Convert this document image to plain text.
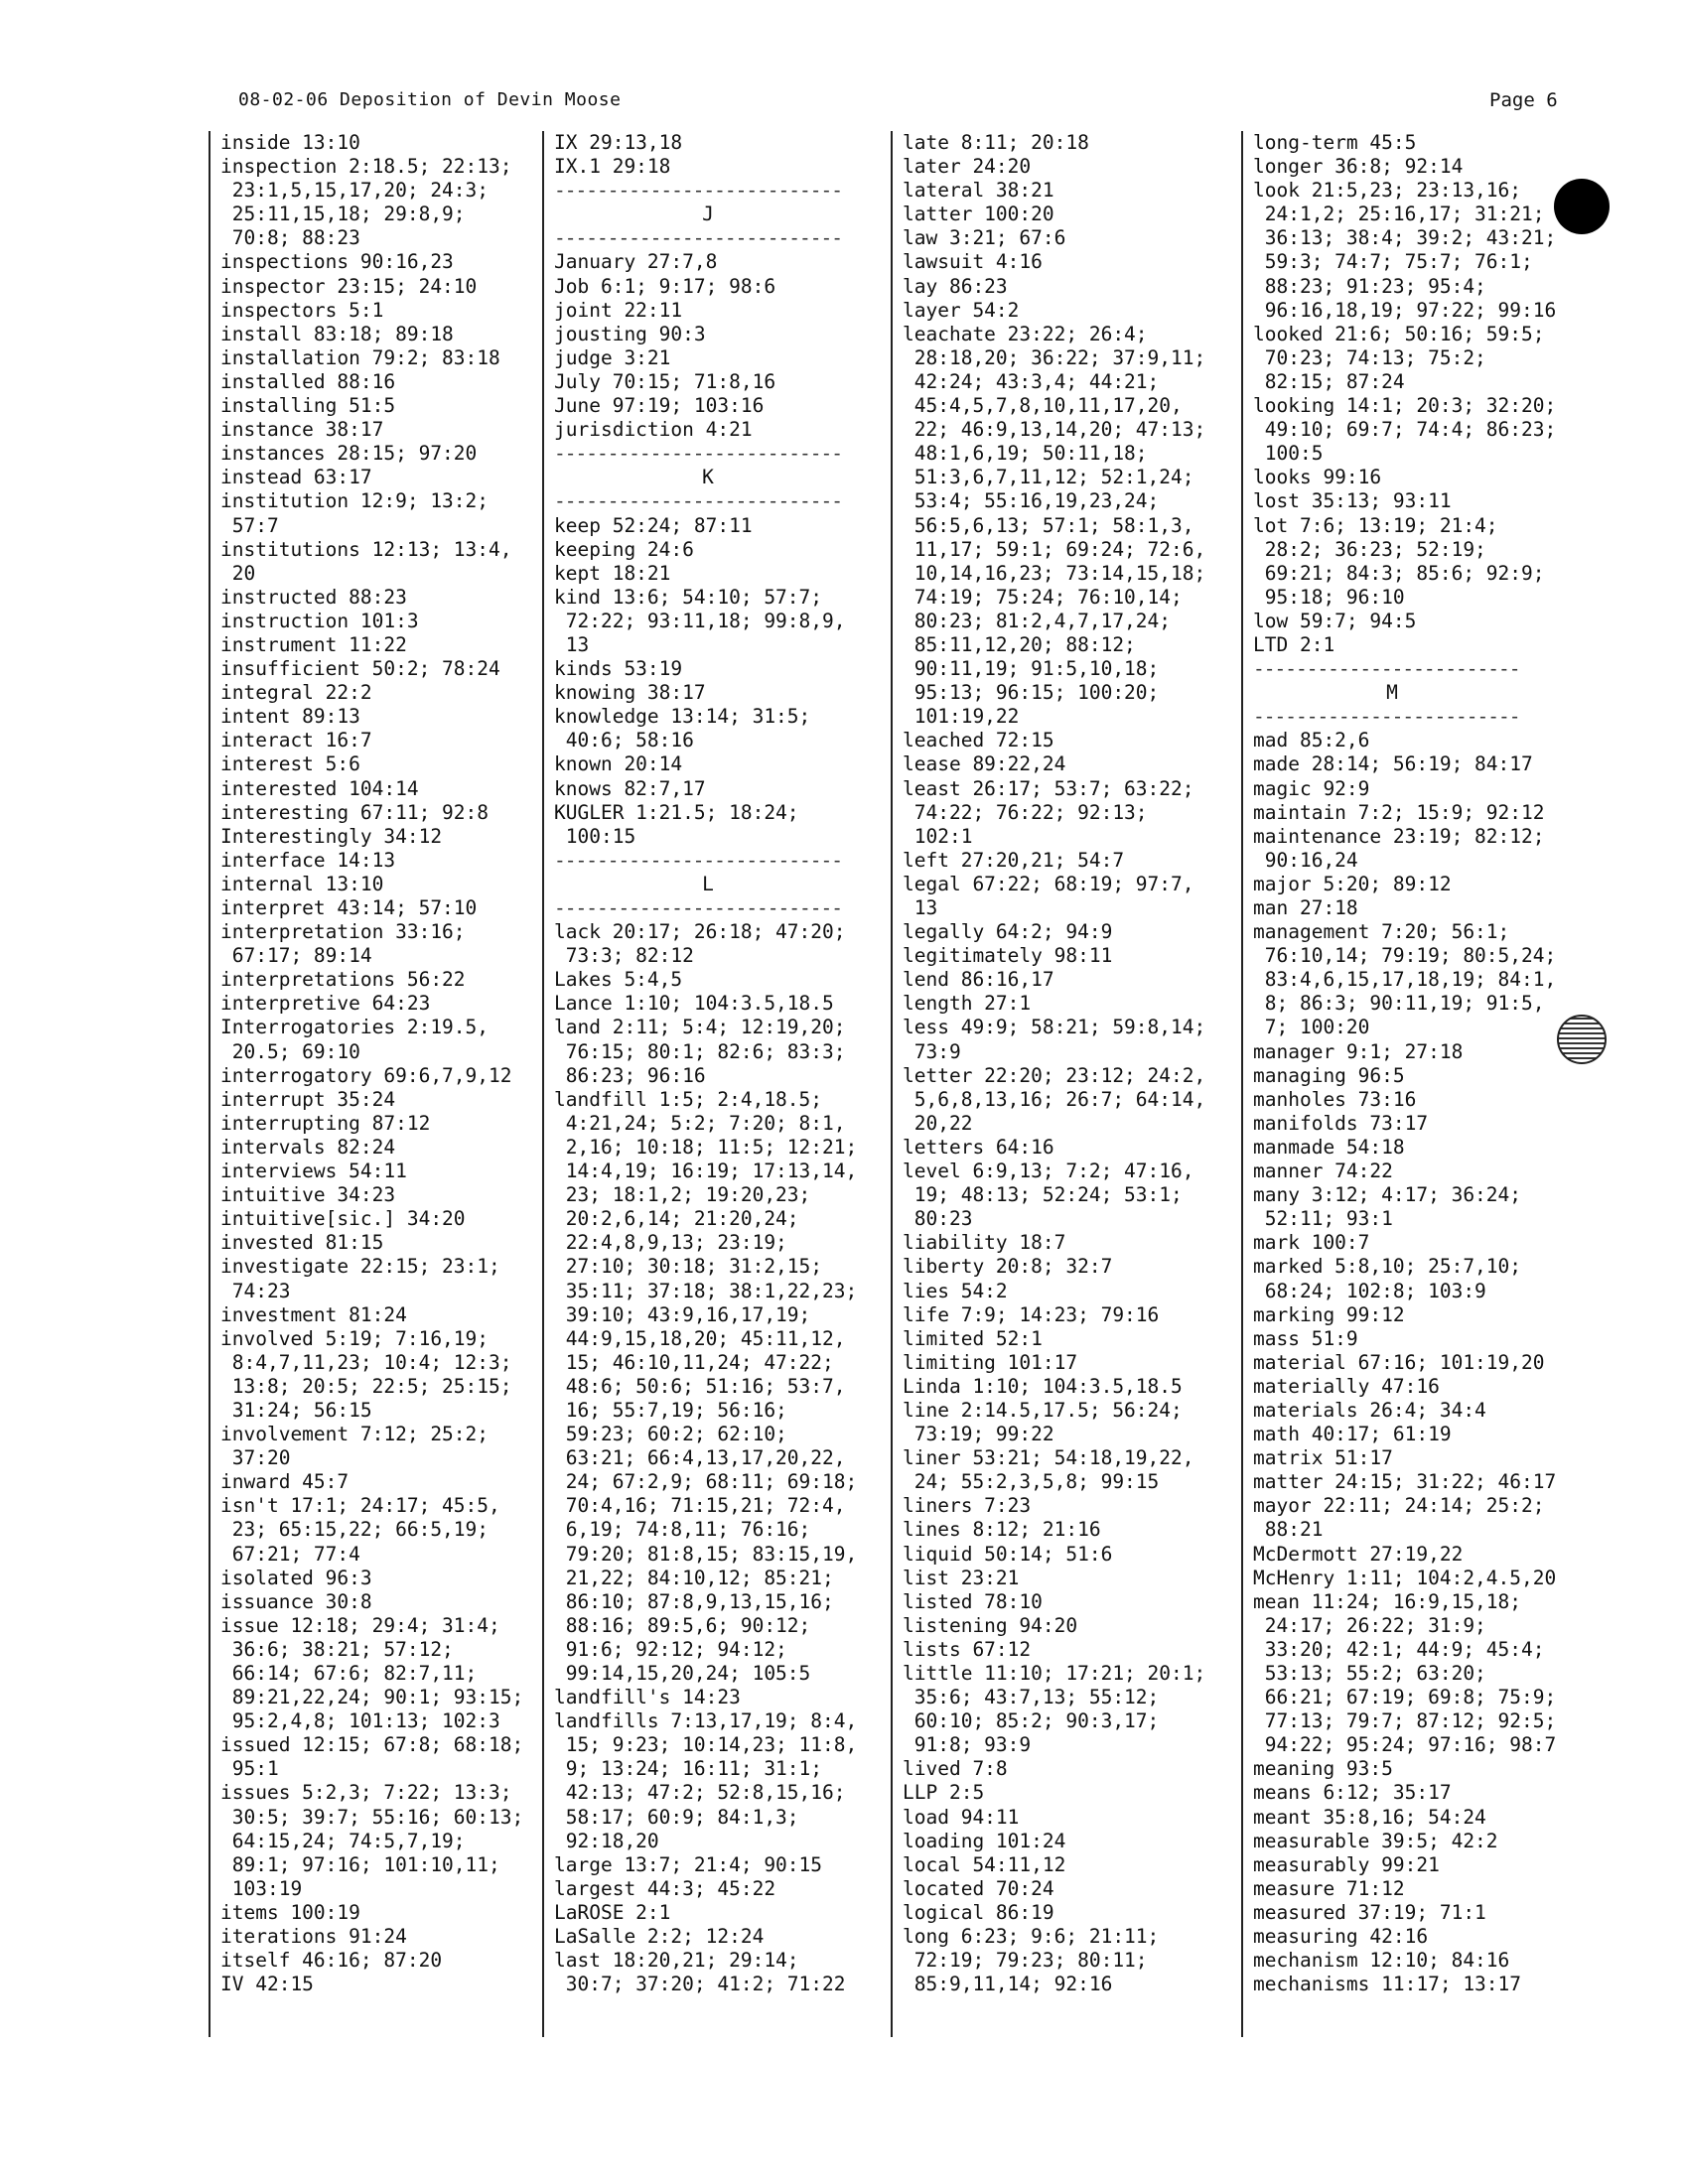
08-02-06 Deposition of Devin Moose	Page 6
inside 13:10
inspection 2:18.5; 22:13;
23:1,5,15,17,20; 24:3;
25:11,15,18; 29:8,9;
70:8; 88:23
inspections 90:16,23
inspector 23:15; 24:10
inspectors 5:1
install 83:18; 89:18
installation 79:2; 83:18
installed 88:16
installing 51:5
instance 38:17
instances 28:15; 97:20
instead 63:17
institution 12:9; 13:2;
57:7
institutions 12:13; 13:4,
20
instructed 88:23
instruction 101:3
instrument 11:22
insufficient 50:2; 78:24
integral 22:2
intent 89:13
interact 16:7
interest 5:6
interested 104:14
interesting 67:11; 92:8
Interestingly 34:12
interface 14:13
internal 13:10
interpret 43:14; 57:10
interpretation 33:16;
67:17; 89:14
interpretations 56:22
interpretive 64:23
Interrogatories 2:19.5,
20.5; 69:10
interrogatory 69:6,7,9,12
interrupt 35:24
interrupting 87:12
intervals 82:24
interviews 54:11
intuitive 34:23
intuitive[sic.] 34:20
invested 81:15
investigate 22:15; 23:1;
74:23
investment 81:24
involved 5:19; 7:16,19;
8:4,7,11,23; 10:4; 12:3;
13:8; 20:5; 22:5; 25:15;
31:24; 56:15
involvement 7:12; 25:2;
37:20
inward 45:7
isn't 17:1; 24:17; 45:5,
23; 65:15,22; 66:5,19;
67:21; 77:4
isolated 96:3
issuance 30:8
issue 12:18; 29:4; 31:4;
36:6; 38:21; 57:12;
66:14; 67:6; 82:7,11;
89:21,22,24; 90:1; 93:15;
95:2,4,8; 101:13; 102:3
issued 12:15; 67:8; 68:18;
95:1
issues 5:2,3; 7:22; 13:3;
30:5; 39:7; 55:16; 60:13;
64:15,24; 74:5,7,19;
89:1; 97:16; 101:10,11;
103:19
items 100:19
iterations 91:24
itself 46:16; 87:20
IV 42:15
IX 29:13,18
IX.1 29:18
---------------------------
J
---------------------------
January 27:7,8
Job 6:1; 9:17; 98:6
joint 22:11
jousting 90:3
judge 3:21
July 70:15; 71:8,16
June 97:19; 103:16
jurisdiction 4:21
---------------------------
K
---------------------------
keep 52:24; 87:11
keeping 24:6
kept 18:21
kind 13:6; 54:10; 57:7;
72:22; 93:11,18; 99:8,9,
13
kinds 53:19
knowing 38:17
knowledge 13:14; 31:5;
40:6; 58:16
known 20:14
knows 82:7,17
KUGLER 1:21.5; 18:24;
100:15
---------------------------
L
---------------------------
lack 20:17; 26:18; 47:20;
73:3; 82:12
Lakes 5:4,5
Lance 1:10; 104:3.5,18.5
land 2:11; 5:4; 12:19,20;
76:15; 80:1; 82:6; 83:3;
86:23; 96:16
landfill 1:5; 2:4,18.5;
4:21,24; 5:2; 7:20; 8:1,
2,16; 10:18; 11:5; 12:21;
14:4,19; 16:19; 17:13,14,
23; 18:1,2; 19:20,23;
20:2,6,14; 21:20,24;
22:4,8,9,13; 23:19;
27:10; 30:18; 31:2,15;
35:11; 37:18; 38:1,22,23;
39:10; 43:9,16,17,19;
44:9,15,18,20; 45:11,12,
15; 46:10,11,24; 47:22;
48:6; 50:6; 51:16; 53:7,
16; 55:7,19; 56:16;
59:23; 60:2; 62:10;
63:21; 66:4,13,17,20,22,
24; 67:2,9; 68:11; 69:18;
70:4,16; 71:15,21; 72:4,
6,19; 74:8,11; 76:16;
79:20; 81:8,15; 83:15,19,
21,22; 84:10,12; 85:21;
86:10; 87:8,9,13,15,16;
88:16; 89:5,6; 90:12;
91:6; 92:12; 94:12;
99:14,15,20,24; 105:5
landfill's 14:23
landfills 7:13,17,19; 8:4,
15; 9:23; 10:14,23; 11:8,
9; 13:24; 16:11; 31:1;
42:13; 47:2; 52:8,15,16;
58:17; 60:9; 84:1,3;
92:18,20
large 13:7; 21:4; 90:15
largest 44:3; 45:22
LaROSE 2:1
LaSalle 2:2; 12:24
last 18:20,21; 29:14;
30:7; 37:20; 41:2; 71:22
late 8:11; 20:18
later 24:20
lateral 38:21
latter 100:20
law 3:21; 67:6
lawsuit 4:16
lay 86:23
layer 54:2
leachate 23:22; 26:4;
28:18,20; 36:22; 37:9,11;
42:24; 43:3,4; 44:21;
45:4,5,7,8,10,11,17,20,
22; 46:9,13,14,20; 47:13;
48:1,6,19; 50:11,18;
51:3,6,7,11,12; 52:1,24;
53:4; 55:16,19,23,24;
56:5,6,13; 57:1; 58:1,3,
11,17; 59:1; 69:24; 72:6,
10,14,16,23; 73:14,15,18;
74:19; 75:24; 76:10,14;
80:23; 81:2,4,7,17,24;
85:11,12,20; 88:12;
90:11,19; 91:5,10,18;
95:13; 96:15; 100:20;
101:19,22
leached 72:15
lease 89:22,24
least 26:17; 53:7; 63:22;
74:22; 76:22; 92:13;
102:1
left 27:20,21; 54:7
legal 67:22; 68:19; 97:7,
13
legally 64:2; 94:9
legitimately 98:11
lend 86:16,17
length 27:1
less 49:9; 58:21; 59:8,14;
73:9
letter 22:20; 23:12; 24:2,
5,6,8,13,16; 26:7; 64:14,
20,22
letters 64:16
level 6:9,13; 7:2; 47:16,
19; 48:13; 52:24; 53:1;
80:23
liability 18:7
liberty 20:8; 32:7
lies 54:2
life 7:9; 14:23; 79:16
limited 52:1
limiting 101:17
Linda 1:10; 104:3.5,18.5
line 2:14.5,17.5; 56:24;
73:19; 99:22
liner 53:21; 54:18,19,22,
24; 55:2,3,5,8; 99:15
liners 7:23
lines 8:12; 21:16
liquid 50:14; 51:6
list 23:21
listed 78:10
listening 94:20
lists 67:12
little 11:10; 17:21; 20:1;
35:6; 43:7,13; 55:12;
60:10; 85:2; 90:3,17;
91:8; 93:9
lived 7:8
LLP 2:5
load 94:11
loading 101:24
local 54:11,12
located 70:24
logical 86:19
long 6:23; 9:6; 21:11;
72:19; 79:23; 80:11;
85:9,11,14; 92:16
long-term 45:5
longer 36:8; 92:14
look 21:5,23; 23:13,16;
24:1,2; 25:16,17; 31:21;
36:13; 38:4; 39:2; 43:21;
59:3; 74:7; 75:7; 76:1;
88:23; 91:23; 95:4;
96:16,18,19; 97:22; 99:16
looked 21:6; 50:16; 59:5;
70:23; 74:13; 75:2;
82:15; 87:24
looking 14:1; 20:3; 32:20;
49:10; 69:7; 74:4; 86:23;
100:5
looks 99:16
lost 35:13; 93:11
lot 7:6; 13:19; 21:4;
28:2; 36:23; 52:19;
69:21; 84:3; 85:6; 92:9;
95:18; 96:10
low 59:7; 94:5
LTD 2:1
-------------------------
M
-------------------------
mad 85:2,6
made 28:14; 56:19; 84:17
magic 92:9
maintain 7:2; 15:9; 92:12
maintenance 23:19; 82:12;
90:16,24
major 5:20; 89:12
man 27:18
management 7:20; 56:1;
76:10,14; 79:19; 80:5,24;
83:4,6,15,17,18,19; 84:1,
8; 86:3; 90:11,19; 91:5,
7; 100:20
manager 9:1; 27:18
managing 96:5
manholes 73:16
manifolds 73:17
manmade 54:18
manner 74:22
many 3:12; 4:17; 36:24;
52:11; 93:1
mark 100:7
marked 5:8,10; 25:7,10;
68:24; 102:8; 103:9
marking 99:12
mass 51:9
material 67:16; 101:19,20
materially 47:16
materials 26:4; 34:4
math 40:17; 61:19
matrix 51:17
matter 24:15; 31:22; 46:17
mayor 22:11; 24:14; 25:2;
88:21
McDermott 27:19,22
McHenry 1:11; 104:2,4.5,20
mean 11:24; 16:9,15,18;
24:17; 26:22; 31:9;
33:20; 42:1; 44:9; 45:4;
53:13; 55:2; 63:20;
66:21; 67:19; 69:8; 75:9;
77:13; 79:7; 87:12; 92:5;
94:22; 95:24; 97:16; 98:7
meaning 93:5
means 6:12; 35:17
meant 35:8,16; 54:24
measurable 39:5; 42:2
measurably 99:21
measure 71:12
measured 37:19; 71:1
measuring 42:16
mechanism 12:10; 84:16
mechanisms 11:17; 13:17
